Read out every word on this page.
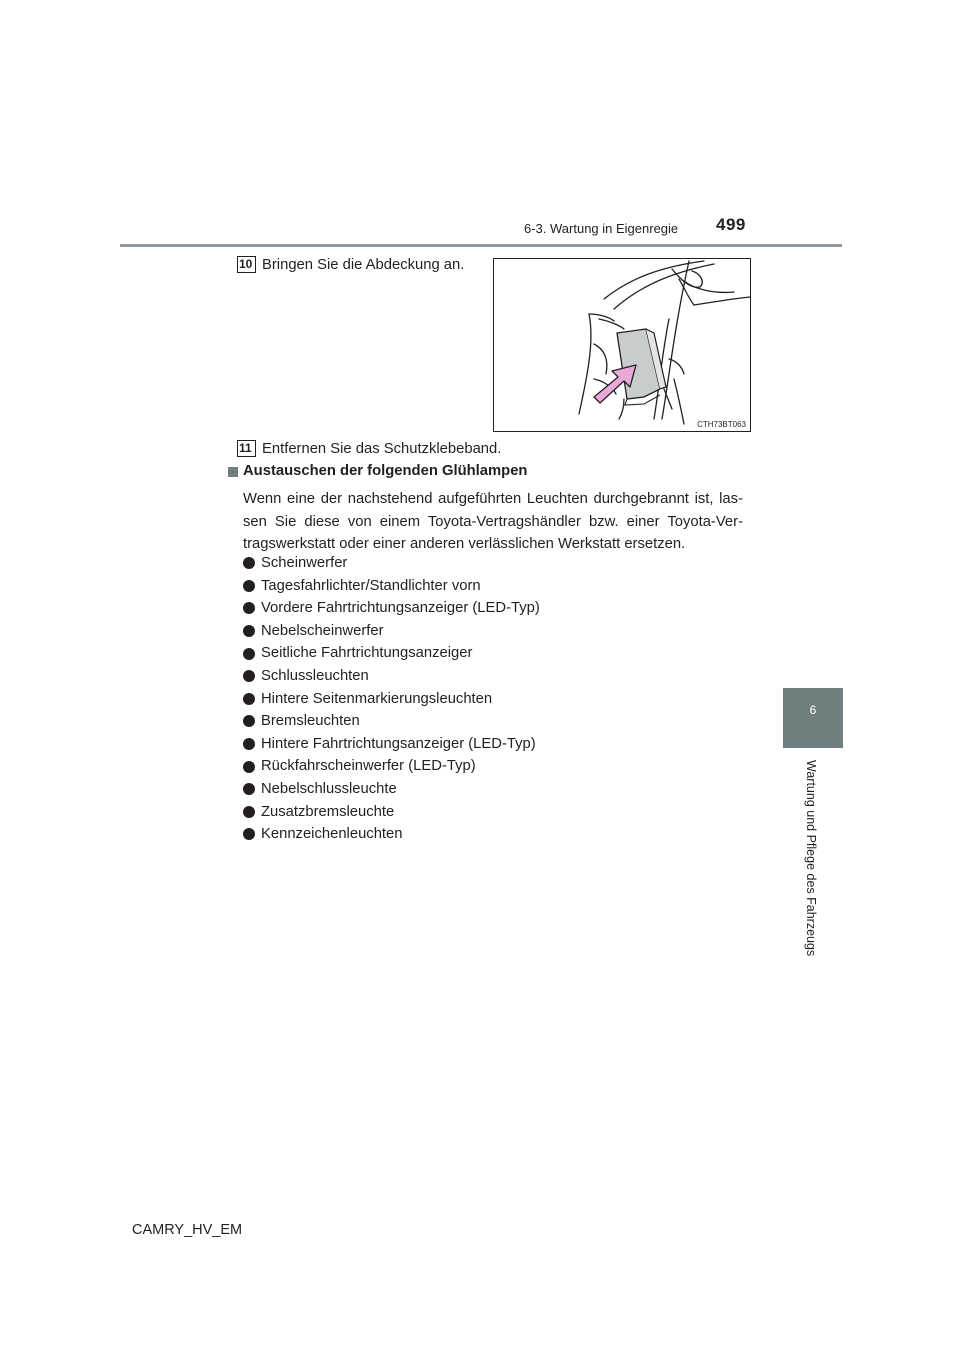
6-3. Wartung in Eigenregie 499
6
Wartung und Pflege des Fahrzeugs
10 Bringen Sie die Abdeckung an.
CTH73BT063
11 Entfernen Sie das Schutzklebeband.
Austauschen der folgenden Glühlampen
Wenn eine der nachstehend aufgeführten Leuchten durchgebrannt ist, las-
sen Sie diese von einem Toyota-Vertragshändler bzw. einer Toyota-Ver-
tragswerkstatt oder einer anderen verlässlichen Werkstatt ersetzen.
Scheinwerfer
Tagesfahrlichter/Standlichter vorn
Vordere Fahrtrichtungsanzeiger (LED-Typ)
Nebelscheinwerfer
Seitliche Fahrtrichtungsanzeiger
Schlussleuchten
Hintere Seitenmarkierungsleuchten
Bremsleuchten
Hintere Fahrtrichtungsanzeiger (LED-Typ)
Rückfahrscheinwerfer (LED-Typ)
Nebelschlussleuchte
Zusatzbremsleuchte
Kennzeichenleuchten
CAMRY_HV_EM
